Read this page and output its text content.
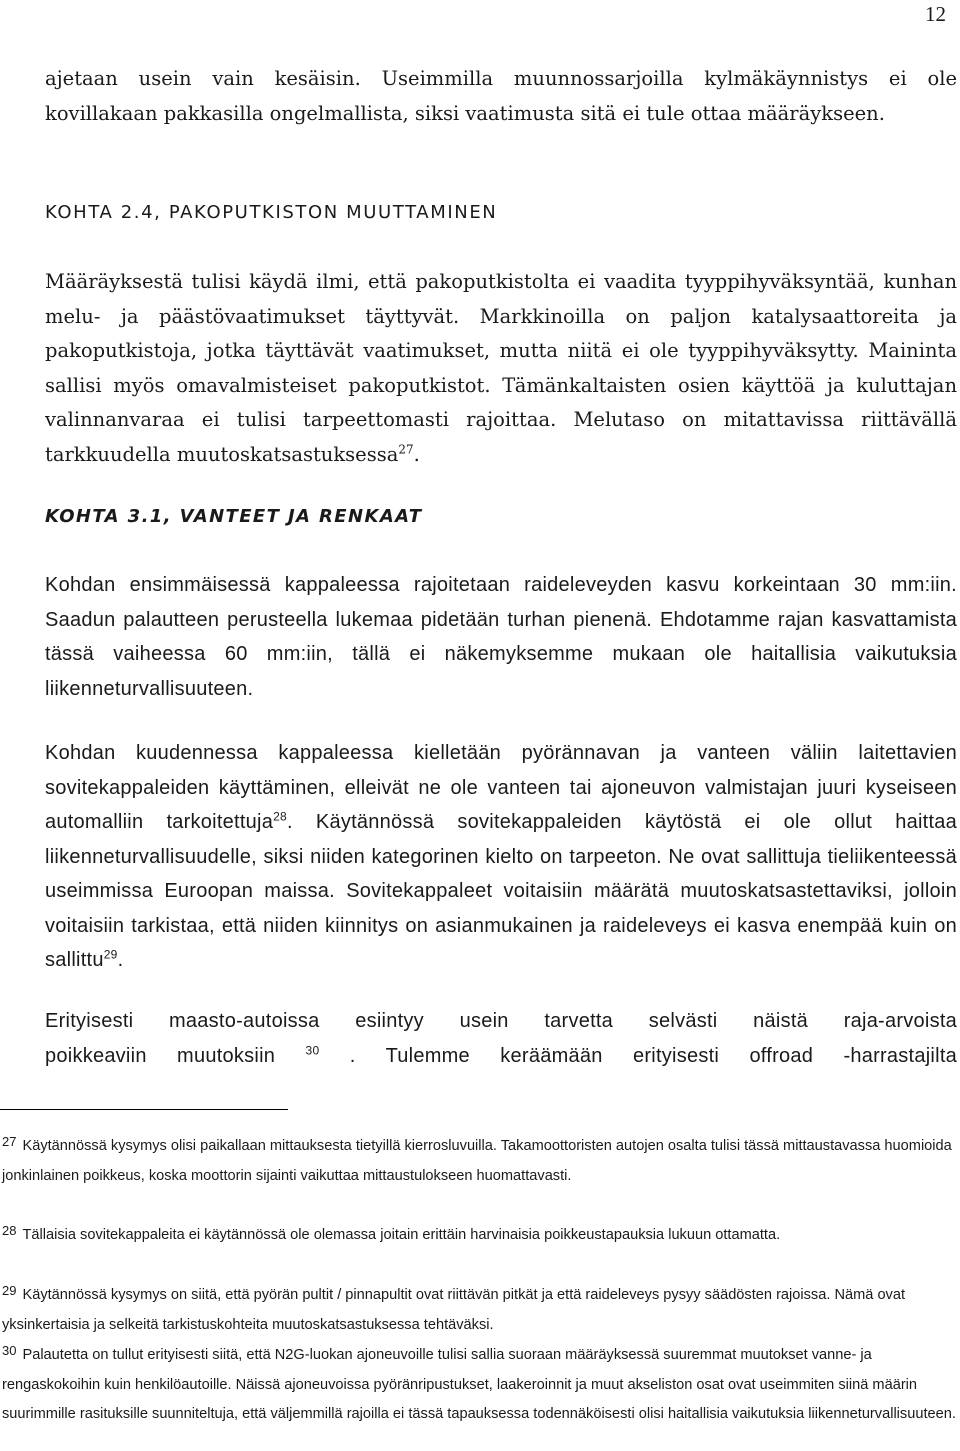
12

ajetaan usein vain kesäisin. Useimmilla muunnossarjoilla kylmäkäynnistys ei ole kovillakaan pakkasilla ongelmallista, siksi vaatimusta sitä ei tule ottaa määräykseen.

KOHTA 2.4, PAKOPUTKISTON MUUTTAMINEN

Määräyksestä tulisi käydä ilmi, että pakoputkistolta ei vaadita tyyppihyväksyntää, kunhan melu- ja päästövaatimukset täyttyvät. Markkinoilla on paljon katalysaattoreita ja pakoputkistoja, jotka täyttävät vaatimukset, mutta niitä ei ole tyyppihyväksytty. Maininta sallisi myös omavalmisteiset pakoputkistot. Tämänkaltaisten osien käyttöä ja kuluttajan valinnanvaraa ei tulisi tarpeettomasti rajoittaa. Melutaso on mitattavissa riittävällä tarkkuudella muutoskatsastuksessa$^{27}$.

KOHTA 3.1, VANTEET JA RENKAAT

Kohdan ensimmäisessä kappaleessa rajoitetaan raideleveyden kasvu korkeintaan 30 mm:iin. Saadun palautteen perusteella lukemaa pidetään turhan pienenä. Ehdotamme rajan kasvattamista tässä vaiheessa 60 mm:iin, tällä ei näkemyksemme mukaan ole haitallisia vaikutuksia liikenneturvallisuuteen.

Kohdan kuudennessa kappaleessa kielletään pyörännavan ja vanteen väliin laitettavien sovitekappaleiden käyttäminen, elleivät ne ole vanteen tai ajoneuvon valmistajan juuri kyseiseen automalliin tarkoitettuja$^{28}$. Käytännössä sovitekappaleiden käytöstä ei ole ollut haittaa liikenneturvallisuudelle, siksi niiden kategorinen kielto on tarpeeton. Ne ovat sallittuja tieliikenteessä useimmissa Euroopan maissa. Sovitekappaleet voitaisiin määrätä muutoskatsastettaviksi, jolloin voitaisiin tarkistaa, että niiden kiinnitys on asianmukainen ja raideleveys ei kasva enempää kuin on sallittu$^{29}$.

Erityisesti maasto-autoissa esiintyy usein tarvetta selvästi näistä raja-arvoista
poikkeaviin muutoksiin	$^{30}$ . Tulemme keräämään erityisesti offroad -harrastajilta

27 Käytännössä kysymys olisi paikallaan mittauksesta tietyillä kierrosluvuilla. Takamoottoristen autojen osalta tulisi tässä mittaustavassa huomioida jonkinlainen poikkeus, koska moottorin sijainti vaikuttaa mittaustulokseen huomattavasti.

28 Tällaisia sovitekappaleita ei käytännössä ole olemassa joitain erittäin harvinaisia poikkeustapauksia lukuun ottamatta.

29 Käytännössä kysymys on siitä, että pyörän pultit / pinnapultit ovat riittävän pitkät ja että raideleveys pysyy säädösten rajoissa. Nämä ovat yksinkertaisia ja selkeitä tarkistuskohteita muutoskatsastuksessa tehtäväksi.

30 Palautetta on tullut erityisesti siitä, että N2G-luokan ajoneuvoille tulisi sallia suoraan määräyksessä suuremmat muutokset vanne- ja rengaskokoihin kuin henkilöautoille. Näissä ajoneuvoissa pyöränripustukset, laakeroinnit ja muut akseliston osat ovat useimmiten siinä määrin suurimmille rasituksille suunniteltuja, että väljemmillä rajoilla ei tässä tapauksessa todennäköisesti olisi haitallisia vaikutuksia liikenneturvallisuuteen.
